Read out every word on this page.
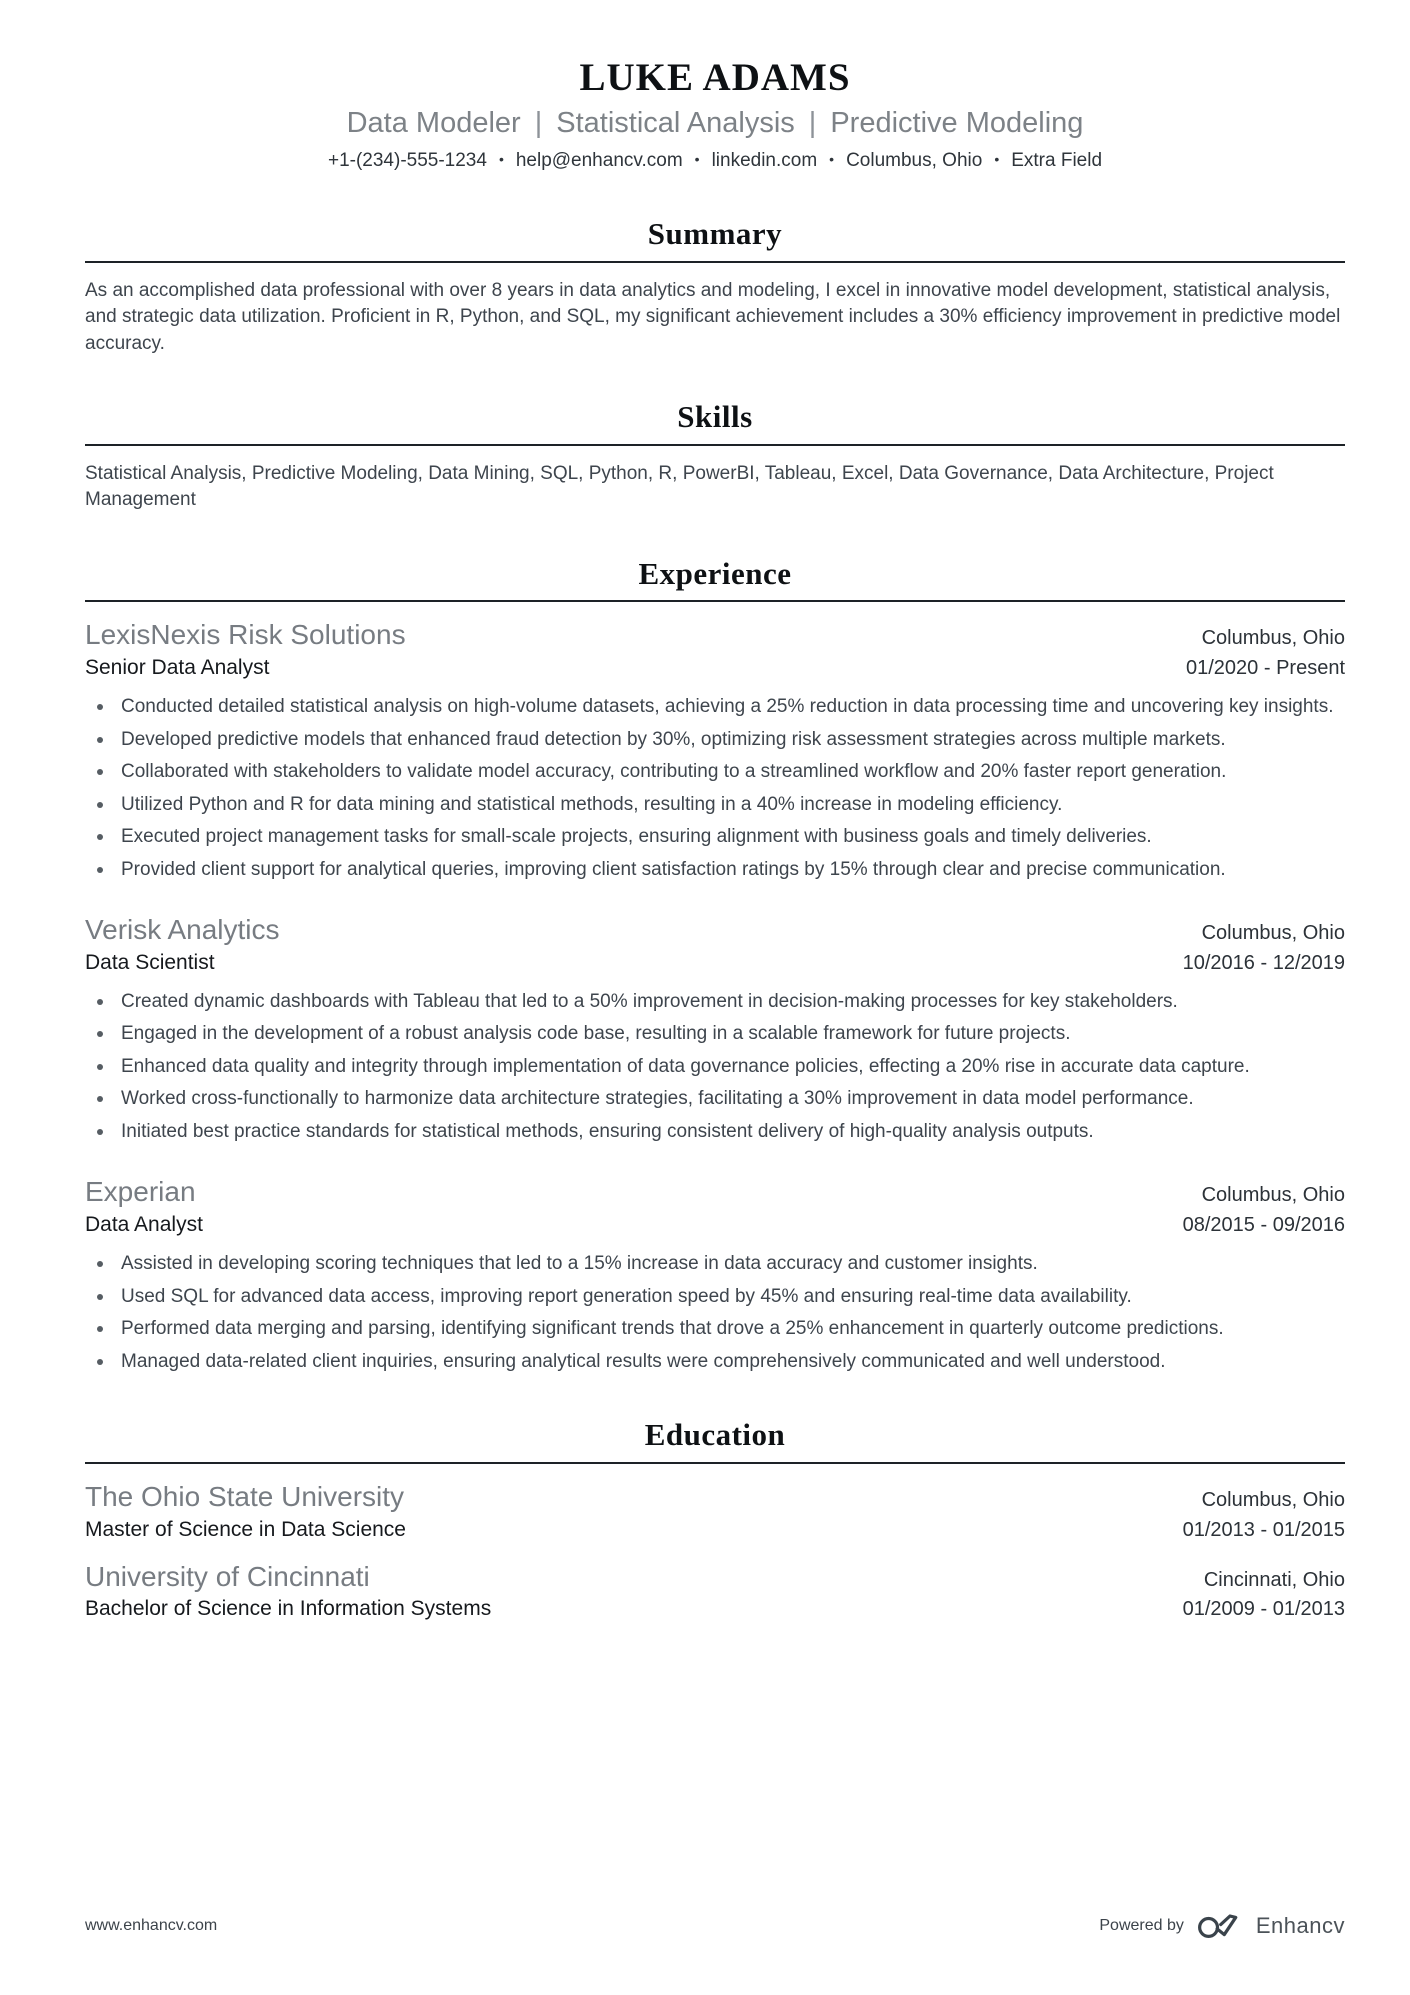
LUKE ADAMS
Data Modeler | Statistical Analysis | Predictive Modeling
+1-(234)-555-1234 • help@enhancv.com • linkedin.com • Columbus, Ohio • Extra Field
Summary

As an accomplished data professional with over 8 years in data analytics and modeling, I excel in innovative model development, statistical analysis, and strategic data utilization. Proficient in R, Python, and SQL, my significant achievement includes a 30% efficiency improvement in predictive model accuracy.

Skills

Statistical Analysis, Predictive Modeling, Data Mining, SQL, Python, R, PowerBI, Tableau, Excel, Data Governance, Data Architecture, Project Management

Experience
LexisNexis Risk Solutions	Columbus, Ohio
Senior Data Analyst	01/2020 - Present
Conducted detailed statistical analysis on high-volume datasets, achieving a 25% reduction in data processing time and uncovering key insights.
Developed predictive models that enhanced fraud detection by 30%, optimizing risk assessment strategies across multiple markets.
Collaborated with stakeholders to validate model accuracy, contributing to a streamlined workflow and 20% faster report generation.
Utilized Python and R for data mining and statistical methods, resulting in a 40% increase in modeling efficiency.
Executed project management tasks for small-scale projects, ensuring alignment with business goals and timely deliveries.
Provided client support for analytical queries, improving client satisfaction ratings by 15% through clear and precise communication.
Verisk Analytics	Columbus, Ohio
Data Scientist	10/2016 - 12/2019
Created dynamic dashboards with Tableau that led to a 50% improvement in decision-making processes for key stakeholders.
Engaged in the development of a robust analysis code base, resulting in a scalable framework for future projects.
Enhanced data quality and integrity through implementation of data governance policies, effecting a 20% rise in accurate data capture.
Worked cross-functionally to harmonize data architecture strategies, facilitating a 30% improvement in data model performance.
Initiated best practice standards for statistical methods, ensuring consistent delivery of high-quality analysis outputs.
Experian	Columbus, Ohio
Data Analyst	08/2015 - 09/2016
Assisted in developing scoring techniques that led to a 15% increase in data accuracy and customer insights.
Used SQL for advanced data access, improving report generation speed by 45% and ensuring real-time data availability.
Performed data merging and parsing, identifying significant trends that drove a 25% enhancement in quarterly outcome predictions.
Managed data-related client inquiries, ensuring analytical results were comprehensively communicated and well understood.
Education
The Ohio State University	Columbus, Ohio
Master of Science in Data Science	01/2013 - 01/2015
University of Cincinnati	Cincinnati, Ohio
Bachelor of Science in Information Systems	01/2009 - 01/2013
www.enhancv.com	Powered by	Enhancv
